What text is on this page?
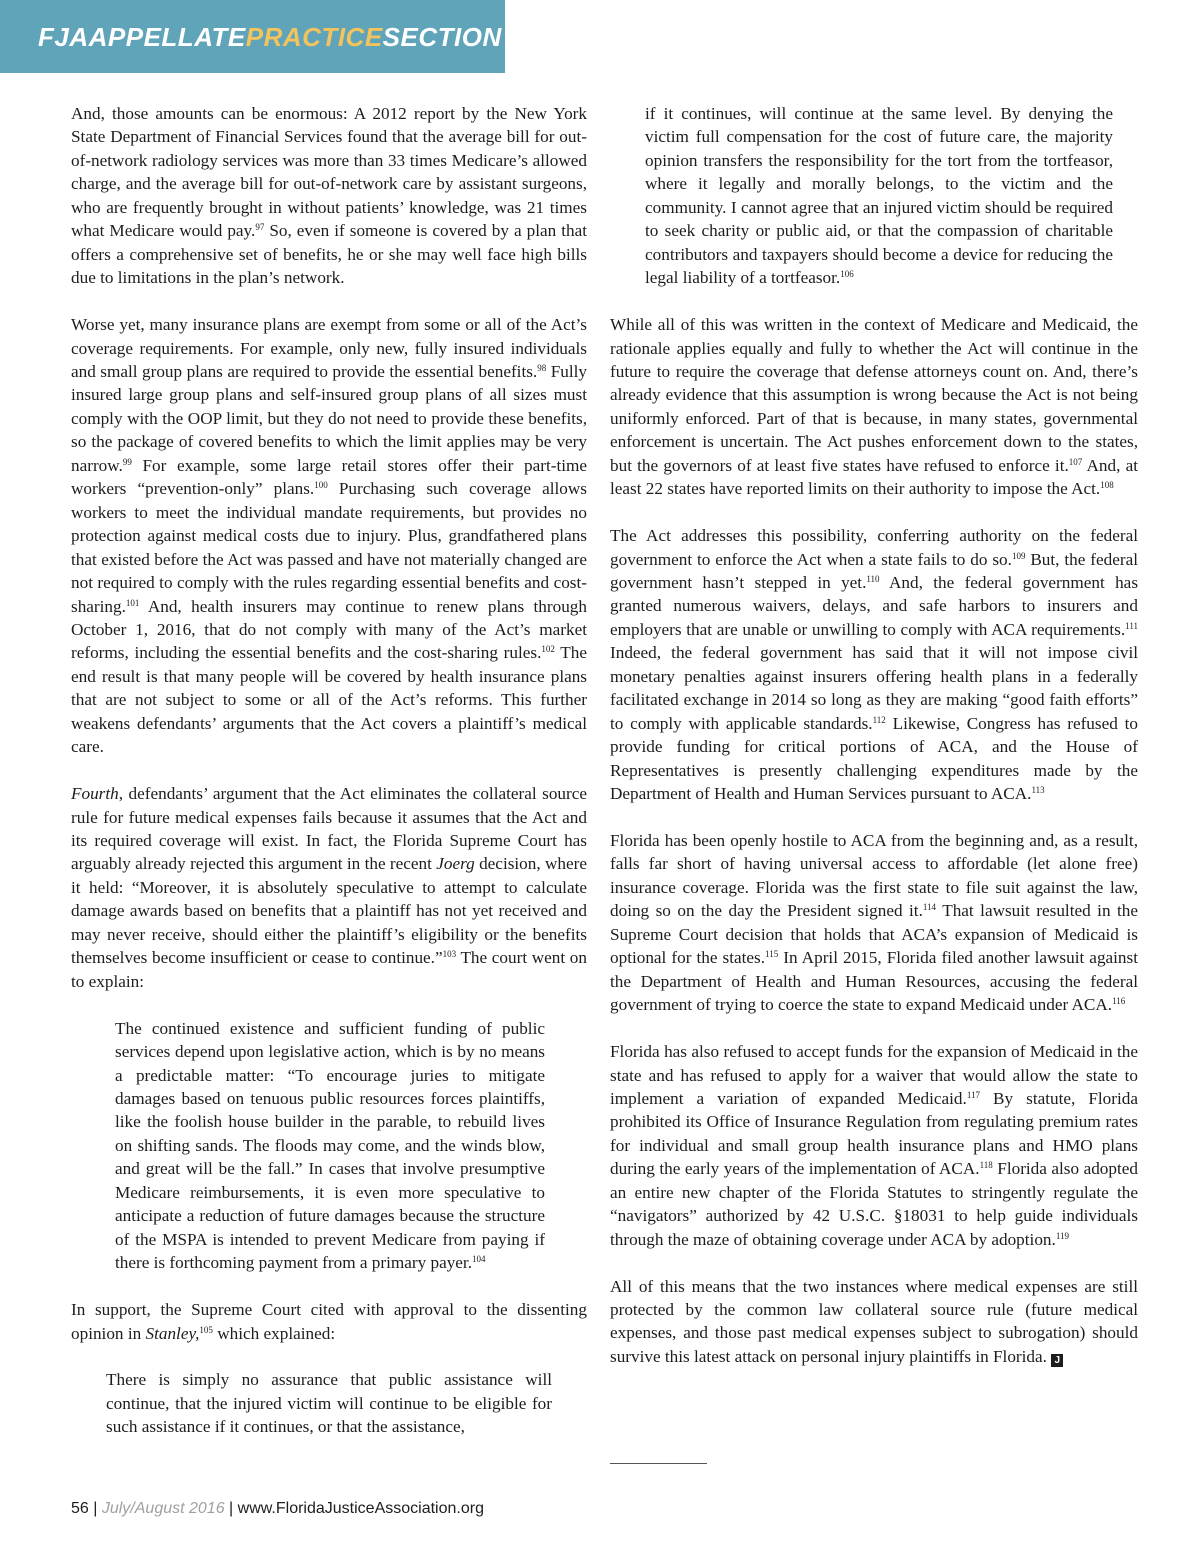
FJAAPPELLATEPRACTICESECTION

And, those amounts can be enormous: A 2012 report by the New York State Department of Financial Services found that the average bill for out-of-network radiology services was more than 33 times Medicare’s allowed charge, and the average bill for out-of-network care by assistant surgeons, who are frequently brought in without patients’ knowledge, was 21 times what Medicare would pay.$^{97}$ So, even if someone is covered by a plan that offers a comprehensive set of benefits, he or she may well face high bills due to limitations in the plan’s network.

Worse yet, many insurance plans are exempt from some or all of the Act’s coverage requirements. For example, only new, fully insured individuals and small group plans are required to provide the essential benefits.$^{98}$ Fully insured large group plans and self-insured group plans of all sizes must comply with the OOP limit, but they do not need to provide these benefits, so the package of covered benefits to which the limit applies may be very narrow.$^{99}$ For example, some large retail stores offer their part-time workers “prevention-only” plans.$^{100}$ Purchasing such coverage allows workers to meet the individual mandate requirements, but provides no protection against medical costs due to injury. Plus, grandfathered plans that existed before the Act was passed and have not materially changed are not required to comply with the rules regarding essential benefits and cost-sharing.$^{101}$ And, health insurers may continue to renew plans through October 1, 2016, that do not comply with many of the Act’s market reforms, including the essential benefits and the cost-sharing rules.$^{102}$ The end result is that many people will be covered by health insurance plans that are not subject to some or all of the Act’s reforms. This further weakens defendants’ arguments that the Act covers a plaintiff’s medical care.

Fourth, defendants’ argument that the Act eliminates the collateral source rule for future medical expenses fails because it assumes that the Act and its required coverage will exist. In fact, the Florida Supreme Court has arguably already rejected this argument in the recent Joerg decision, where it held: “Moreover, it is absolutely speculative to attempt to calculate damage awards based on benefits that a plaintiff has not yet received and may never receive, should either the plaintiff’s eligibility or the benefits themselves become insufficient or cease to continue.”$^{103}$ The court went on to explain:

The continued existence and sufficient funding of public services depend upon legislative action, which is by no means a predictable matter: “To encourage juries to mitigate damages based on tenuous public resources forces plaintiffs, like the foolish house builder in the parable, to rebuild lives on shifting sands. The floods may come, and the winds blow, and great will be the fall.” In cases that involve presumptive Medicare reimbursements, it is even more speculative to anticipate a reduction of future damages because the structure of the MSPA is intended to prevent Medicare from paying if there is forthcoming payment from a primary payer.$^{104}$

In support, the Supreme Court cited with approval to the dissenting opinion in Stanley,$^{105}$ which explained:

There is simply no assurance that public assistance will continue, that the injured victim will continue to be eligible for such assistance if it continues, or that the assistance,

if it continues, will continue at the same level. By denying the victim full compensation for the cost of future care, the majority opinion transfers the responsibility for the tort from the tortfeasor, where it legally and morally belongs, to the victim and the community. I cannot agree that an injured victim should be required to seek charity or public aid, or that the compassion of charitable contributors and taxpayers should become a device for reducing the legal liability of a tortfeasor.$^{106}$

While all of this was written in the context of Medicare and Medicaid, the rationale applies equally and fully to whether the Act will continue in the future to require the coverage that defense attorneys count on. And, there’s already evidence that this assumption is wrong because the Act is not being uniformly enforced. Part of that is because, in many states, governmental enforcement is uncertain. The Act pushes enforcement down to the states, but the governors of at least five states have refused to enforce it.$^{107}$ And, at least 22 states have reported limits on their authority to impose the Act.$^{108}$

The Act addresses this possibility, conferring authority on the federal government to enforce the Act when a state fails to do so.$^{109}$ But, the federal government hasn’t stepped in yet.$^{110}$ And, the federal government has granted numerous waivers, delays, and safe harbors to insurers and employers that are unable or unwilling to comply with ACA requirements.$^{111}$ Indeed, the federal government has said that it will not impose civil monetary penalties against insurers offering health plans in a federally facilitated exchange in 2014 so long as they are making “good faith efforts” to comply with applicable standards.$^{112}$ Likewise, Congress has refused to provide funding for critical portions of ACA, and the House of Representatives is presently challenging expenditures made by the Department of Health and Human Services pursuant to ACA.$^{113}$

Florida has been openly hostile to ACA from the beginning and, as a result, falls far short of having universal access to affordable (let alone free) insurance coverage. Florida was the first state to file suit against the law, doing so on the day the President signed it.$^{114}$ That lawsuit resulted in the Supreme Court decision that holds that ACA’s expansion of Medicaid is optional for the states.$^{115}$ In April 2015, Florida filed another lawsuit against the Department of Health and Human Resources, accusing the federal government of trying to coerce the state to expand Medicaid under ACA.$^{116}$

Florida has also refused to accept funds for the expansion of Medicaid in the state and has refused to apply for a waiver that would allow the state to implement a variation of expanded Medicaid.$^{117}$ By statute, Florida prohibited its Office of Insurance Regulation from regulating premium rates for individual and small group health insurance plans and HMO plans during the early years of the implementation of ACA.$^{118}$ Florida also adopted an entire new chapter of the Florida Statutes to stringently regulate the “navigators” authorized by 42 U.S.C. §18031 to help guide individuals through the maze of obtaining coverage under ACA by adoption.$^{119}$

All of this means that the two instances where medical expenses are still protected by the common law collateral source rule (future medical expenses, and those past medical expenses subject to subrogation) should survive this latest attack on personal injury plaintiffs in Florida. J

56 | July/August 2016 | www.FloridaJusticeAssociation.org
